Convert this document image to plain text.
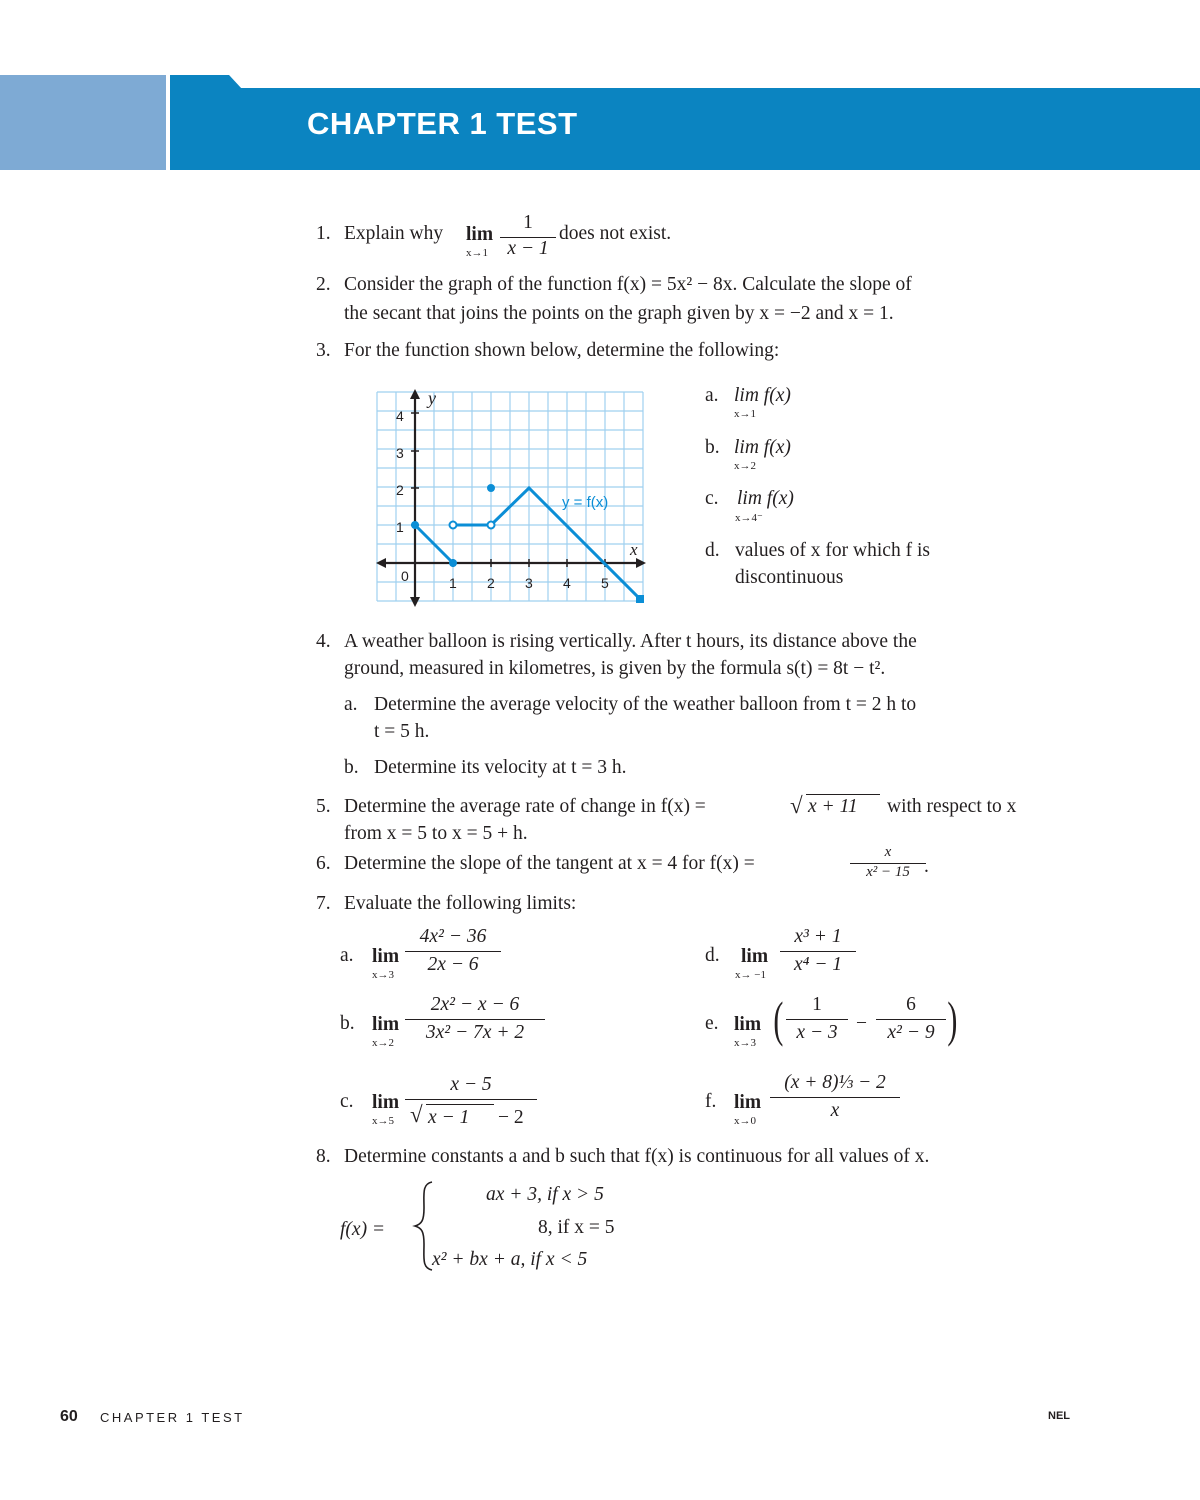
CHAPTER 1 TEST
1. Explain why lim
x→1
1
x − 1
does not exist.
2. Consider the graph of the function f(x) = 5x² − 8x. Calculate the slope of
the secant that joins the points on the graph given by x = −2 and x = 1.
3. For the function shown below, determine the following:
y
x
y = f(x)
0
4
3
2
1
1 2 3 4 5
a. lim f(x)
x→1
b. lim f(x)
x→2
c. lim f(x)
x→4⁻
d. values of x for which f is
discontinuous
4. A weather balloon is rising vertically. After t hours, its distance above the
ground, measured in kilometres, is given by the formula s(t) = 8t − t².
a. Determine the average velocity of the weather balloon from t = 2 h to
t = 5 h.
b. Determine its velocity at t = 3 h.
5. Determine the average rate of change in f(x) =	√ x + 11 with respect to x
from x = 5 to x = 5 + h.
6. Determine the slope of the tangent at x = 4 for f(x) =
x
x² − 15 .
7. Evaluate the following limits:
a. lim
x→3
4x² − 36
2x − 6
b. lim
x→2
2x² − x − 6
3x² − 7x + 2
c. lim
x→5
x − 5
√ x − 1 − 2
d. lim
x→ −1
x³ + 1
x⁴ − 1
e. lim
x→3 (	1
x − 3 −
6
x² − 9 )
f. lim
x→0
(x + 8)⅓ − 2
x
8. Determine constants a and b such that f(x) is continuous for all values of x.
f(x) =
ax + 3, if x > 5
8, if x = 5
x² + bx + a, if x < 5
60 CHAPTER 1 TEST	NEL
